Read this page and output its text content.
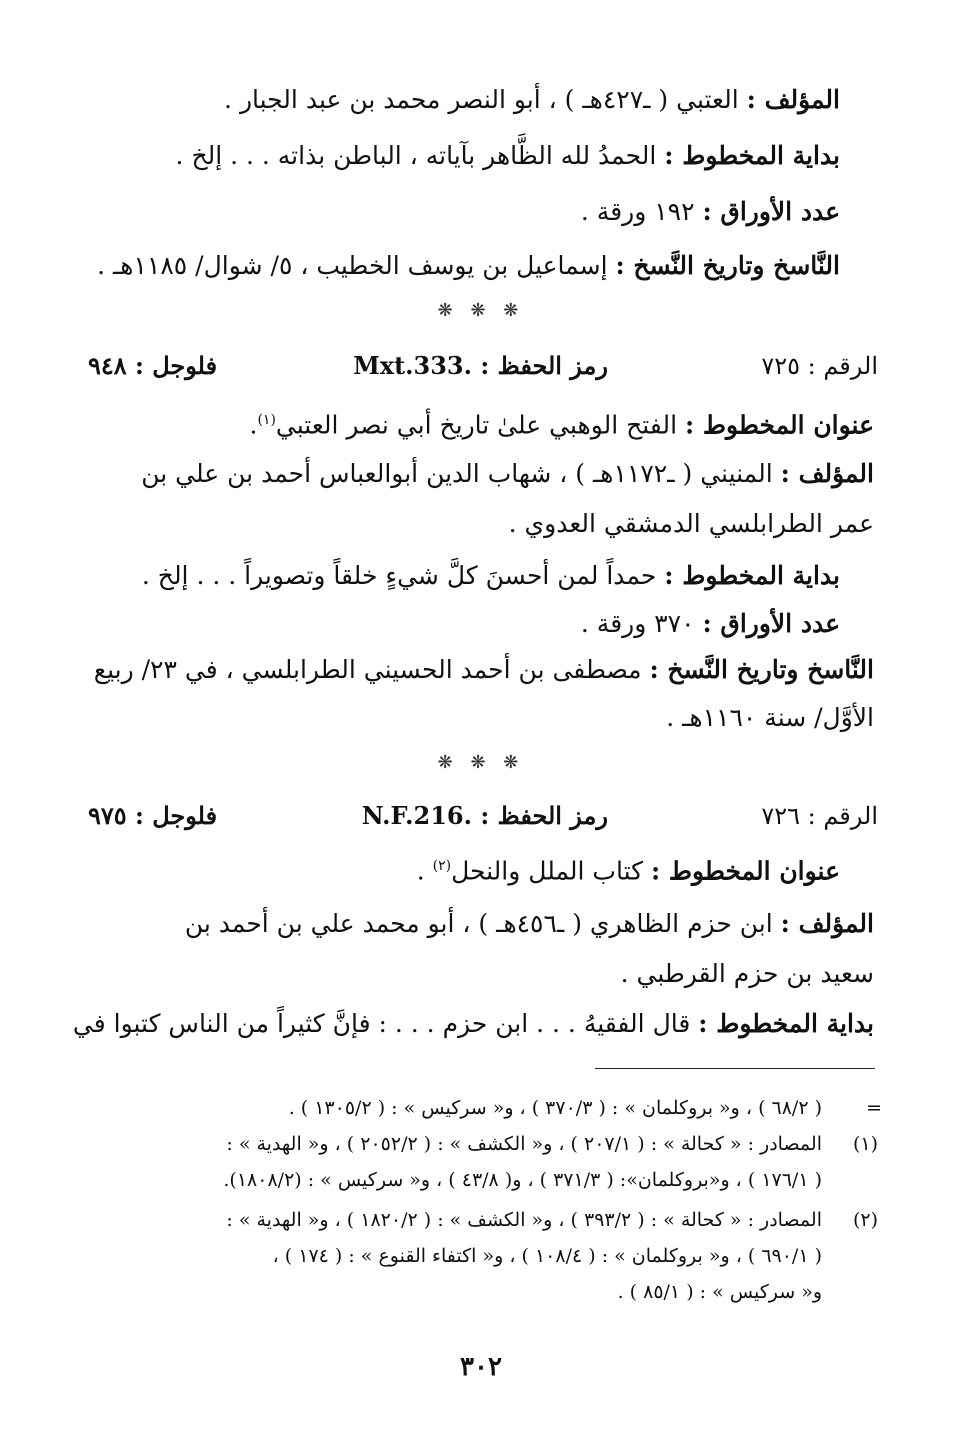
المؤلف : العتبي ( ـ٤٢٧هـ ) ، أبو النصر محمد بن عبد الجبار .
بداية المخطوط : الحمدُ لله الظَّاهر بآياته ، الباطن بذاته . . . إلخ .
عدد الأوراق : ١٩٢ ورقة .
النَّاسخ وتاريخ النَّسخ : إسماعيل بن يوسف الخطيب ، ٥/ شوال/ ١١٨٥هـ .
❋ ❋ ❋
الرقم : ٧٢٥
رمز الحفظ : .Mxt.333
فلوجل : ٩٤٨
عنوان المخطوط : الفتح الوهبي علىٰ تاريخ أبي نصر العتبي$^{(١)}$.
المؤلف : المنيني ( ـ١١٧٢هـ ) ، شهاب الدين أبوالعباس أحمد بن علي بن
عمر الطرابلسي الدمشقي العدوي .
بداية المخطوط : حمداً لمن أحسنَ كلَّ شيءٍ خلقاً وتصويراً . . . إلخ .
عدد الأوراق : ٣٧٠ ورقة .
النَّاسخ وتاريخ النَّسخ : مصطفى بن أحمد الحسيني الطرابلسي ، في ٢٣/ ربيع
الأوَّل/ سنة ١١٦٠هـ .
❋ ❋ ❋
الرقم : ٧٢٦
رمز الحفظ : .N.F.216
فلوجل : ٩٧٥
عنوان المخطوط : كتاب الملل والنحل$^{(٢)}$ .
المؤلف : ابن حزم الظاهري ( ـ٤٥٦هـ ) ، أبو محمد علي بن أحمد بن
سعيد بن حزم القرطبي .
بداية المخطوط : قال الفقيهُ . . . ابن حزم . . . : فإنَّ كثيراً من الناس كتبوا في
=
( ٦٨/٢ ) ، و« بروكلمان » : ( ٣٧٠/٣ ) ، و« سركيس » : ( ١٣٠٥/٢ ) .
(١)
المصادر : « كحالة » : ( ٢٠٧/١ ) ، و« الكشف » : ( ٢٠٥٢/٢ ) ، و« الهدية » :
( ١٧٦/١ ) ، و«بروكلمان»: ( ٣٧١/٣ ) ، و( ٤٣/٨ ) ، و« سركيس » : (١٨٠٨/٢).
(٢)
المصادر : « كحالة » : ( ٣٩٣/٢ ) ، و« الكشف » : ( ١٨٢٠/٢ ) ، و« الهدية » :
( ٦٩٠/١ ) ، و« بروكلمان » : ( ١٠٨/٤ ) ، و« اكتفاء القنوع » : ( ١٧٤ ) ،
و« سركيس » : ( ٨٥/١ ) .
٣٠٢
